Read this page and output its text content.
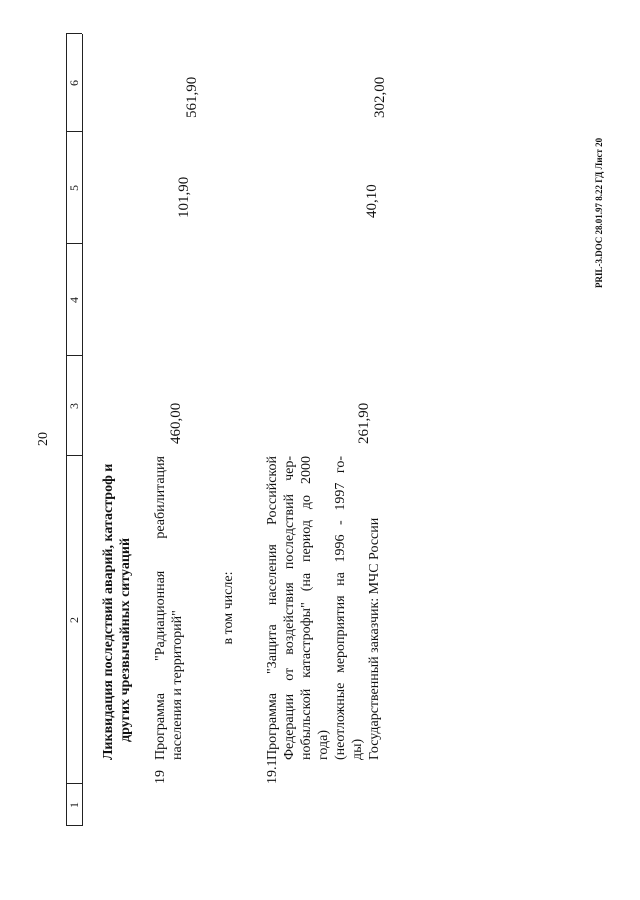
20
1
2
3
4
5
6
Ликвидация последствий аварий, катастроф и других чрезвычайных ситуаций
19
Программа "Радиационная реабилитация населения и территорий"
460,00
101,90
561,90
в том числе:
19.1
Программа "Защита населения Российской Федерации от воздействия последствий чер- нобыльской катастрофы" (на период до 2000 года) (неотложные мероприятия на 1996 - 1997 го- ды) Государственный заказчик: МЧС России
261,90
40,10
302,00
PRIL-3.DOC 28.01.97 8.22 ГД Лист 20
